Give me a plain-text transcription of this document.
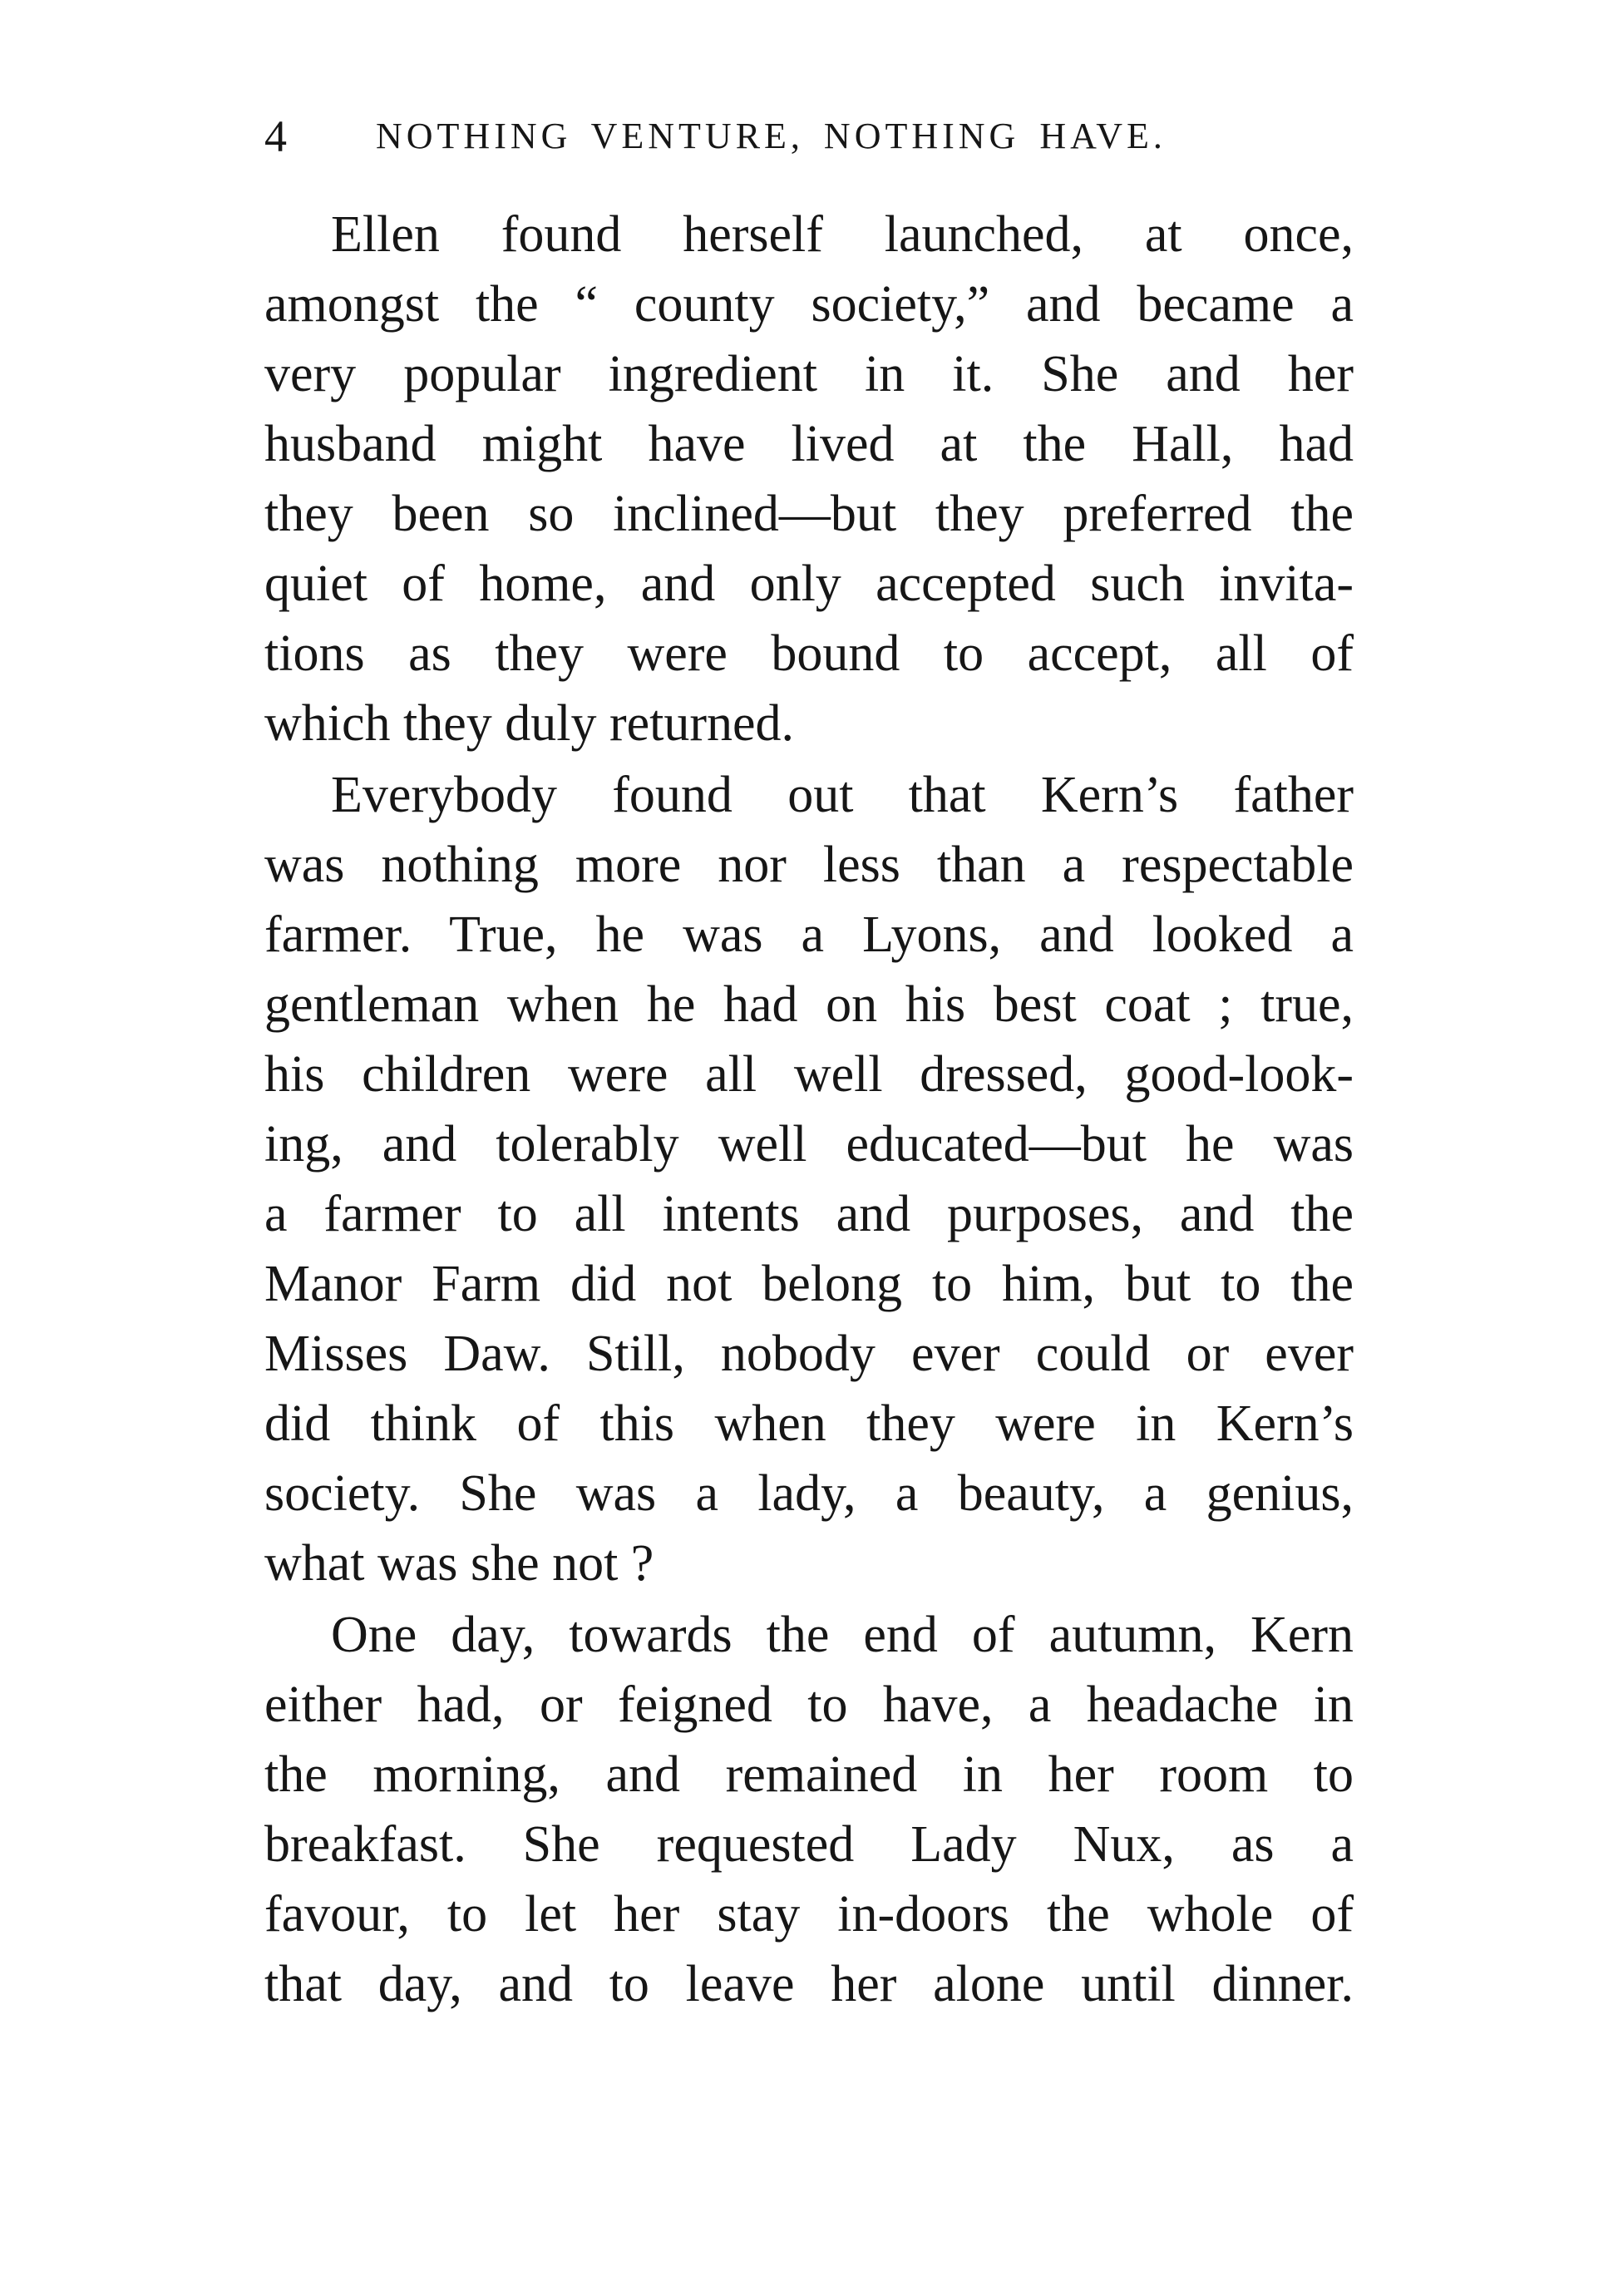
4 NOTHING VENTURE, NOTHING HAVE.
Ellen found herself launched, at once,
amongst the “ county society,” and became a
very popular ingredient in it. She and her
husband might have lived at the Hall, had
they been so inclined—but they preferred the
quiet of home, and only accepted such invita-
tions as they were bound to accept, all of
which they duly returned.
Everybody found out that Kern’s father
was nothing more nor less than a respectable
farmer. True, he was a Lyons, and looked a
gentleman when he had on his best coat ; true,
his children were all well dressed, good-look-
ing, and tolerably well educated—but he was
a farmer to all intents and purposes, and the
Manor Farm did not belong to him, but to the
Misses Daw. Still, nobody ever could or ever
did think of this when they were in Kern’s
society. She was a lady, a beauty, a genius,
what was she not ?
One day, towards the end of autumn, Kern
either had, or feigned to have, a headache in
the morning, and remained in her room to
breakfast. She requested Lady Nux, as a
favour, to let her stay in-doors the whole of
that day, and to leave her alone until dinner.
